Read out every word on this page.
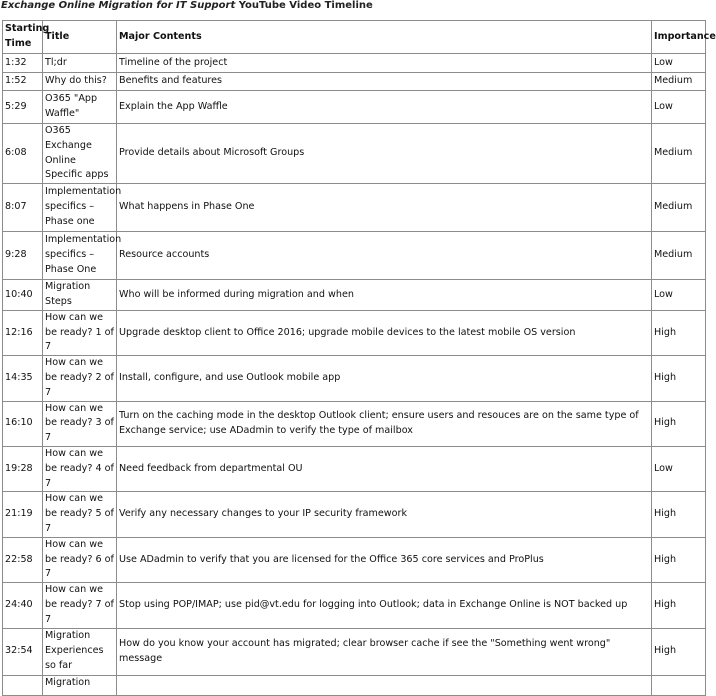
Exchange Online Migration for IT Support YouTube Video Timeline
Starting Time	Title	Major Contents	Importance
1:32	Tl;dr	Timeline of the project	Low
1:52	Why do this?	Benefits and features	Medium
5:29	O365 "App Waffle"	Explain the App Waffle	Low
6:08	O365 Exchange Online Specific apps	Provide details about Microsoft Groups	Medium
8:07	Implementation specifics – Phase one	What happens in Phase One	Medium
9:28	Implementation specifics – Phase One	Resource accounts	Medium
10:40	Migration Steps	Who will be informed during migration and when	Low
12:16	How can we be ready? 1 of 7	Upgrade desktop client to Office 2016; upgrade mobile devices to the latest mobile OS version	High
14:35	How can we be ready? 2 of 7	Install, configure, and use Outlook mobile app	High
16:10	How can we be ready? 3 of 7	Turn on the caching mode in the desktop Outlook client; ensure users and resouces are on the same type of Exchange service; use ADadmin to verify the type of mailbox	High
19:28	How can we be ready? 4 of 7	Need feedback from departmental OU	Low
21:19	How can we be ready? 5 of 7	Verify any necessary changes to your IP security framework	High
22:58	How can we be ready? 6 of 7	Use ADadmin to verify that you are licensed for the Office 365 core services and ProPlus	High
24:40	How can we be ready? 7 of 7	Stop using POP/IMAP; use pid@vt.edu for logging into Outlook; data in Exchange Online is NOT backed up	High
32:54	Migration Experiences so far	How do you know your account has migrated; clear browser cache if see the "Something went wrong" message	High
	Migration		
